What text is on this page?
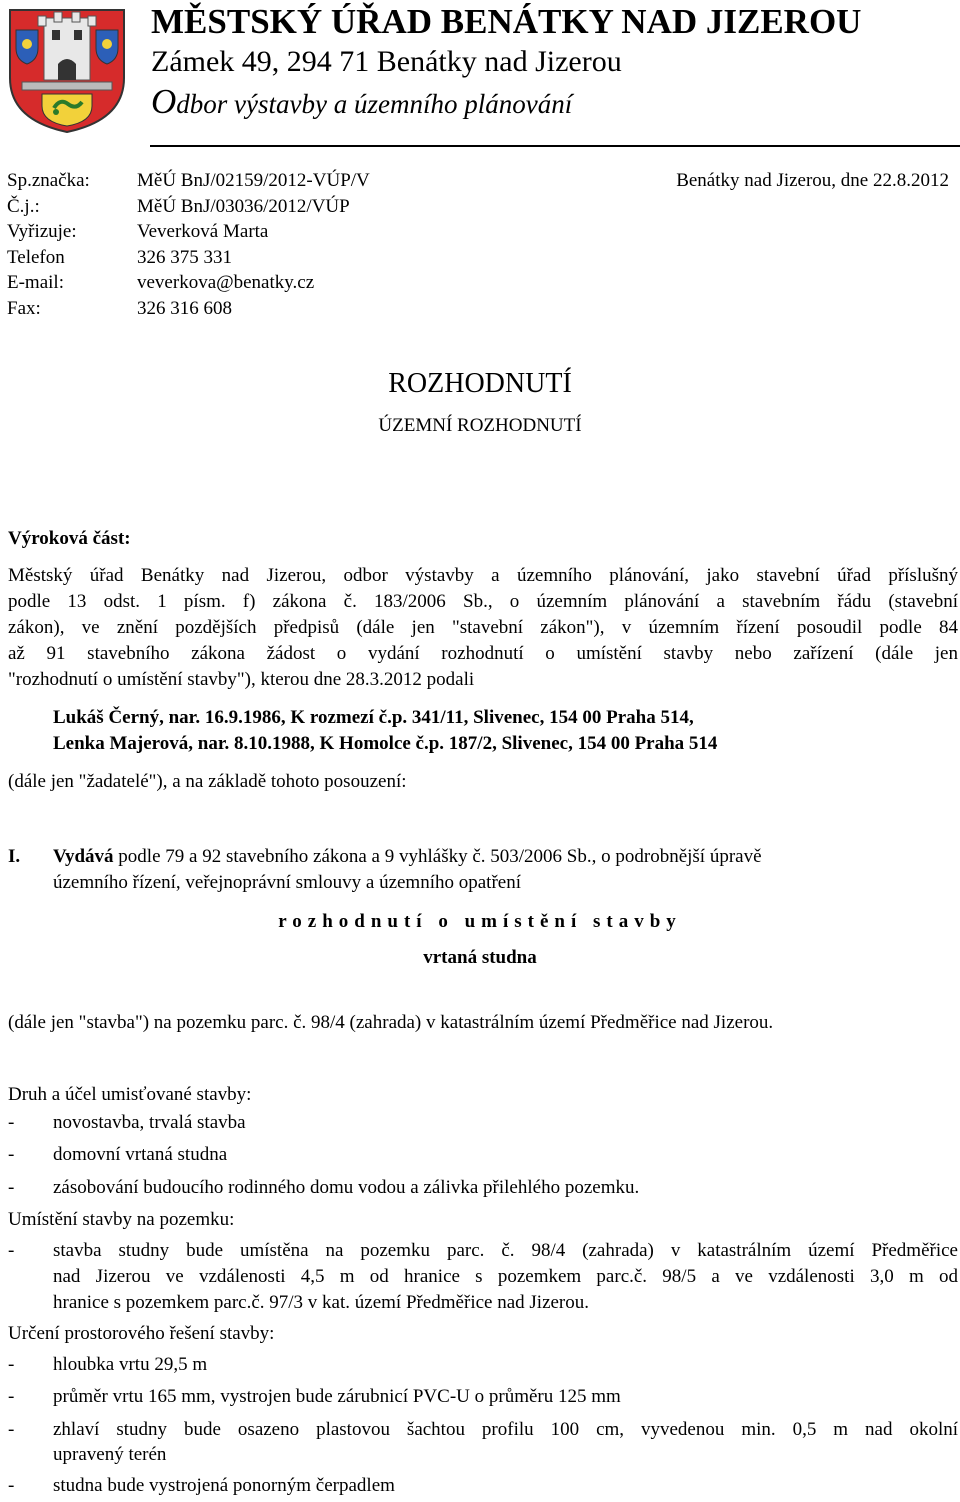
MĚSTSKÝ ÚŘAD BENÁTKY NAD JIZEROU
Zámek 49, 294 71 Benátky nad Jizerou
Odbor výstavby a územního plánování
Sp.značka:	MěÚ BnJ/02159/2012-VÚP/V
Č.j.:	MěÚ BnJ/03036/2012/VÚP
Vyřizuje:	Veverková Marta
Telefon	326 375 331
E-mail:	veverkova@benatky.cz
Fax:	326 316 608
Benátky nad Jizerou, dne 22.8.2012
ROZHODNUTÍ
ÚZEMNÍ ROZHODNUTÍ
Výroková část:
Městský úřad Benátky nad Jizerou, odbor výstavby a územního plánování, jako stavební úřad příslušný
podle 13 odst. 1 písm. f) zákona č. 183/2006 Sb., o územním plánování a stavebním řádu (stavební
zákon), ve znění pozdějších předpisů (dále jen "stavební zákon"), v územním řízení posoudil podle 84
až 91 stavebního zákona žádost o vydání rozhodnutí o umístění stavby nebo zařízení (dále jen
"rozhodnutí o umístění stavby"), kterou dne 28.3.2012 podali
Lukáš Černý, nar. 16.9.1986, K rozmezí č.p. 341/11, Slivenec, 154 00 Praha 514,
Lenka Majerová, nar. 8.10.1988, K Homolce č.p. 187/2, Slivenec, 154 00 Praha 514
(dále jen "žadatelé"), a na základě tohoto posouzení:
I. Vydává podle 79 a 92 stavebního zákona a 9 vyhlášky č. 503/2006 Sb., o podrobnější úpravě
územního řízení, veřejnoprávní smlouvy a územního opatření
rozhodnutí o umístění stavby
vrtaná studna
(dále jen "stavba") na pozemku parc. č. 98/4 (zahrada) v katastrálním území Předměřice nad Jizerou.
Druh a účel umisťované stavby:
- novostavba, trvalá stavba
- domovní vrtaná studna
- zásobování budoucího rodinného domu vodou a zálivka přilehlého pozemku.
Umístění stavby na pozemku:
- stavba studny bude umístěna na pozemku parc. č. 98/4 (zahrada) v katastrálním území Předměřice
nad Jizerou ve vzdálenosti 4,5 m od hranice s pozemkem parc.č. 98/5 a ve vzdálenosti 3,0 m od
hranice s pozemkem parc.č. 97/3 v kat. území Předměřice nad Jizerou.
Určení prostorového řešení stavby:
- hloubka vrtu 29,5 m
- průměr vrtu 165 mm, vystrojen bude zárubnicí PVC-U o průměru 125 mm
- zhlaví studny bude osazeno plastovou šachtou profilu 100 cm, vyvedenou min. 0,5 m nad okolní
upravený terén
- studna bude vystrojená ponorným čerpadlem
